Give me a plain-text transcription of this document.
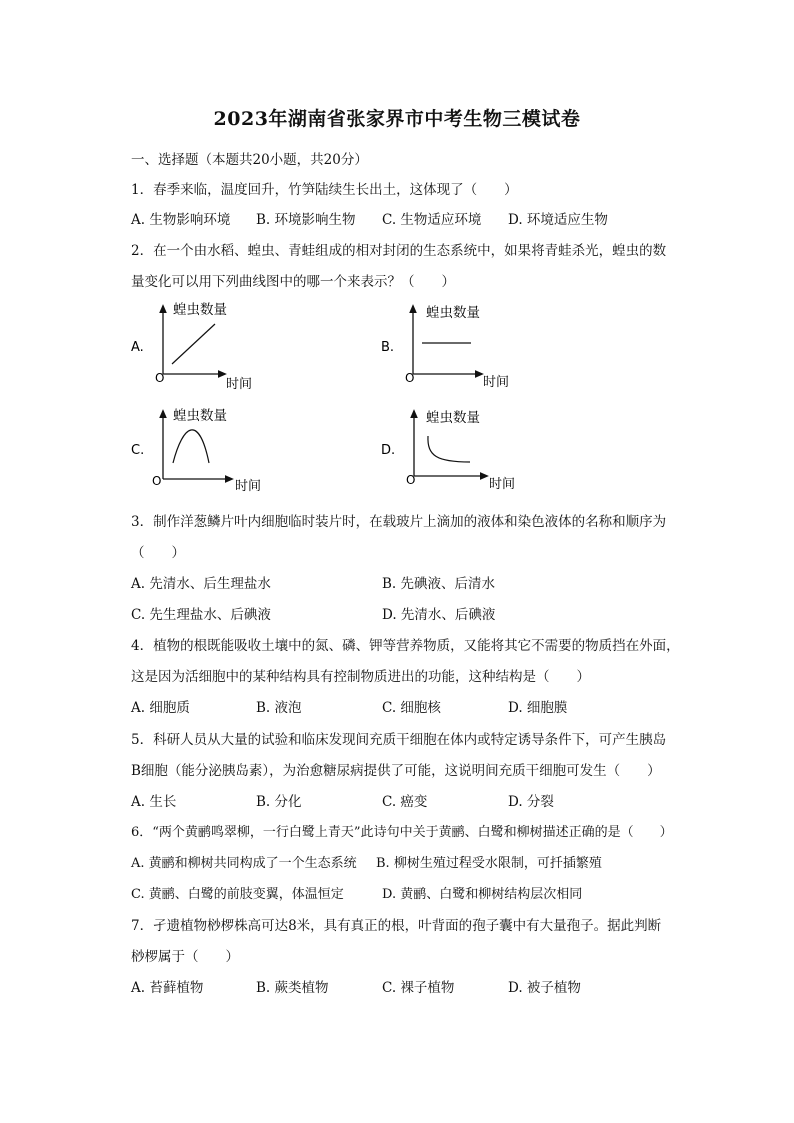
2023年湖南省张家界市中考生物三模试卷
一、选择题（本题共20小题，共20分）
1．春季来临，温度回升，竹笋陆续生长出土，这体现了（　　）
A. 生物影响环境 B. 环境影响生物 C. 生物适应环境 D. 环境适应生物
2．在一个由水稻、蝗虫、青蛙组成的相对封闭的生态系统中，如果将青蛙杀光，蝗虫的数
量变化可以用下列曲线图中的哪一个来表示？（　　）
A.
蝗虫数量
时间
O
B.
蝗虫数量
时间
O
C.
蝗虫数量
时间
O
D.
蝗虫数量
时间
O
3．制作洋葱鳞片叶内细胞临时装片时，在载玻片上滴加的液体和染色液体的名称和顺序为
（　　）
A. 先清水、后生理盐水	B. 先碘液、后清水
C. 先生理盐水、后碘液	D. 先清水、后碘液
4．植物的根既能吸收土壤中的氮、磷、钾等营养物质，又能将其它不需要的物质挡在外面，
这是因为活细胞中的某种结构具有控制物质进出的功能，这种结构是（　　）
A. 细胞质	B. 液泡	C. 细胞核	D. 细胞膜
5．科研人员从大量的试验和临床发现间充质干细胞在体内或特定诱导条件下，可产生胰岛
B细胞（能分泌胰岛素），为治愈糖尿病提供了可能，这说明间充质干细胞可发生（　　）
A. 生长	B. 分化	C. 癌变	D. 分裂
6．“两个黄鹂鸣翠柳，一行白鹭上青天”此诗句中关于黄鹂、白鹭和柳树描述正确的是（　　）
A. 黄鹂和柳树共同构成了一个生态系统 B. 柳树生殖过程受水限制，可扦插繁殖
C. 黄鹂、白鹭的前肢变翼，体温恒定	D. 黄鹂、白鹭和柳树结构层次相同
7．孑遗植物桫椤株高可达8米，具有真正的根，叶背面的孢子囊中有大量孢子。据此判断
桫椤属于（　　）
A. 苔藓植物	B. 蕨类植物	C. 裸子植物	D. 被子植物
